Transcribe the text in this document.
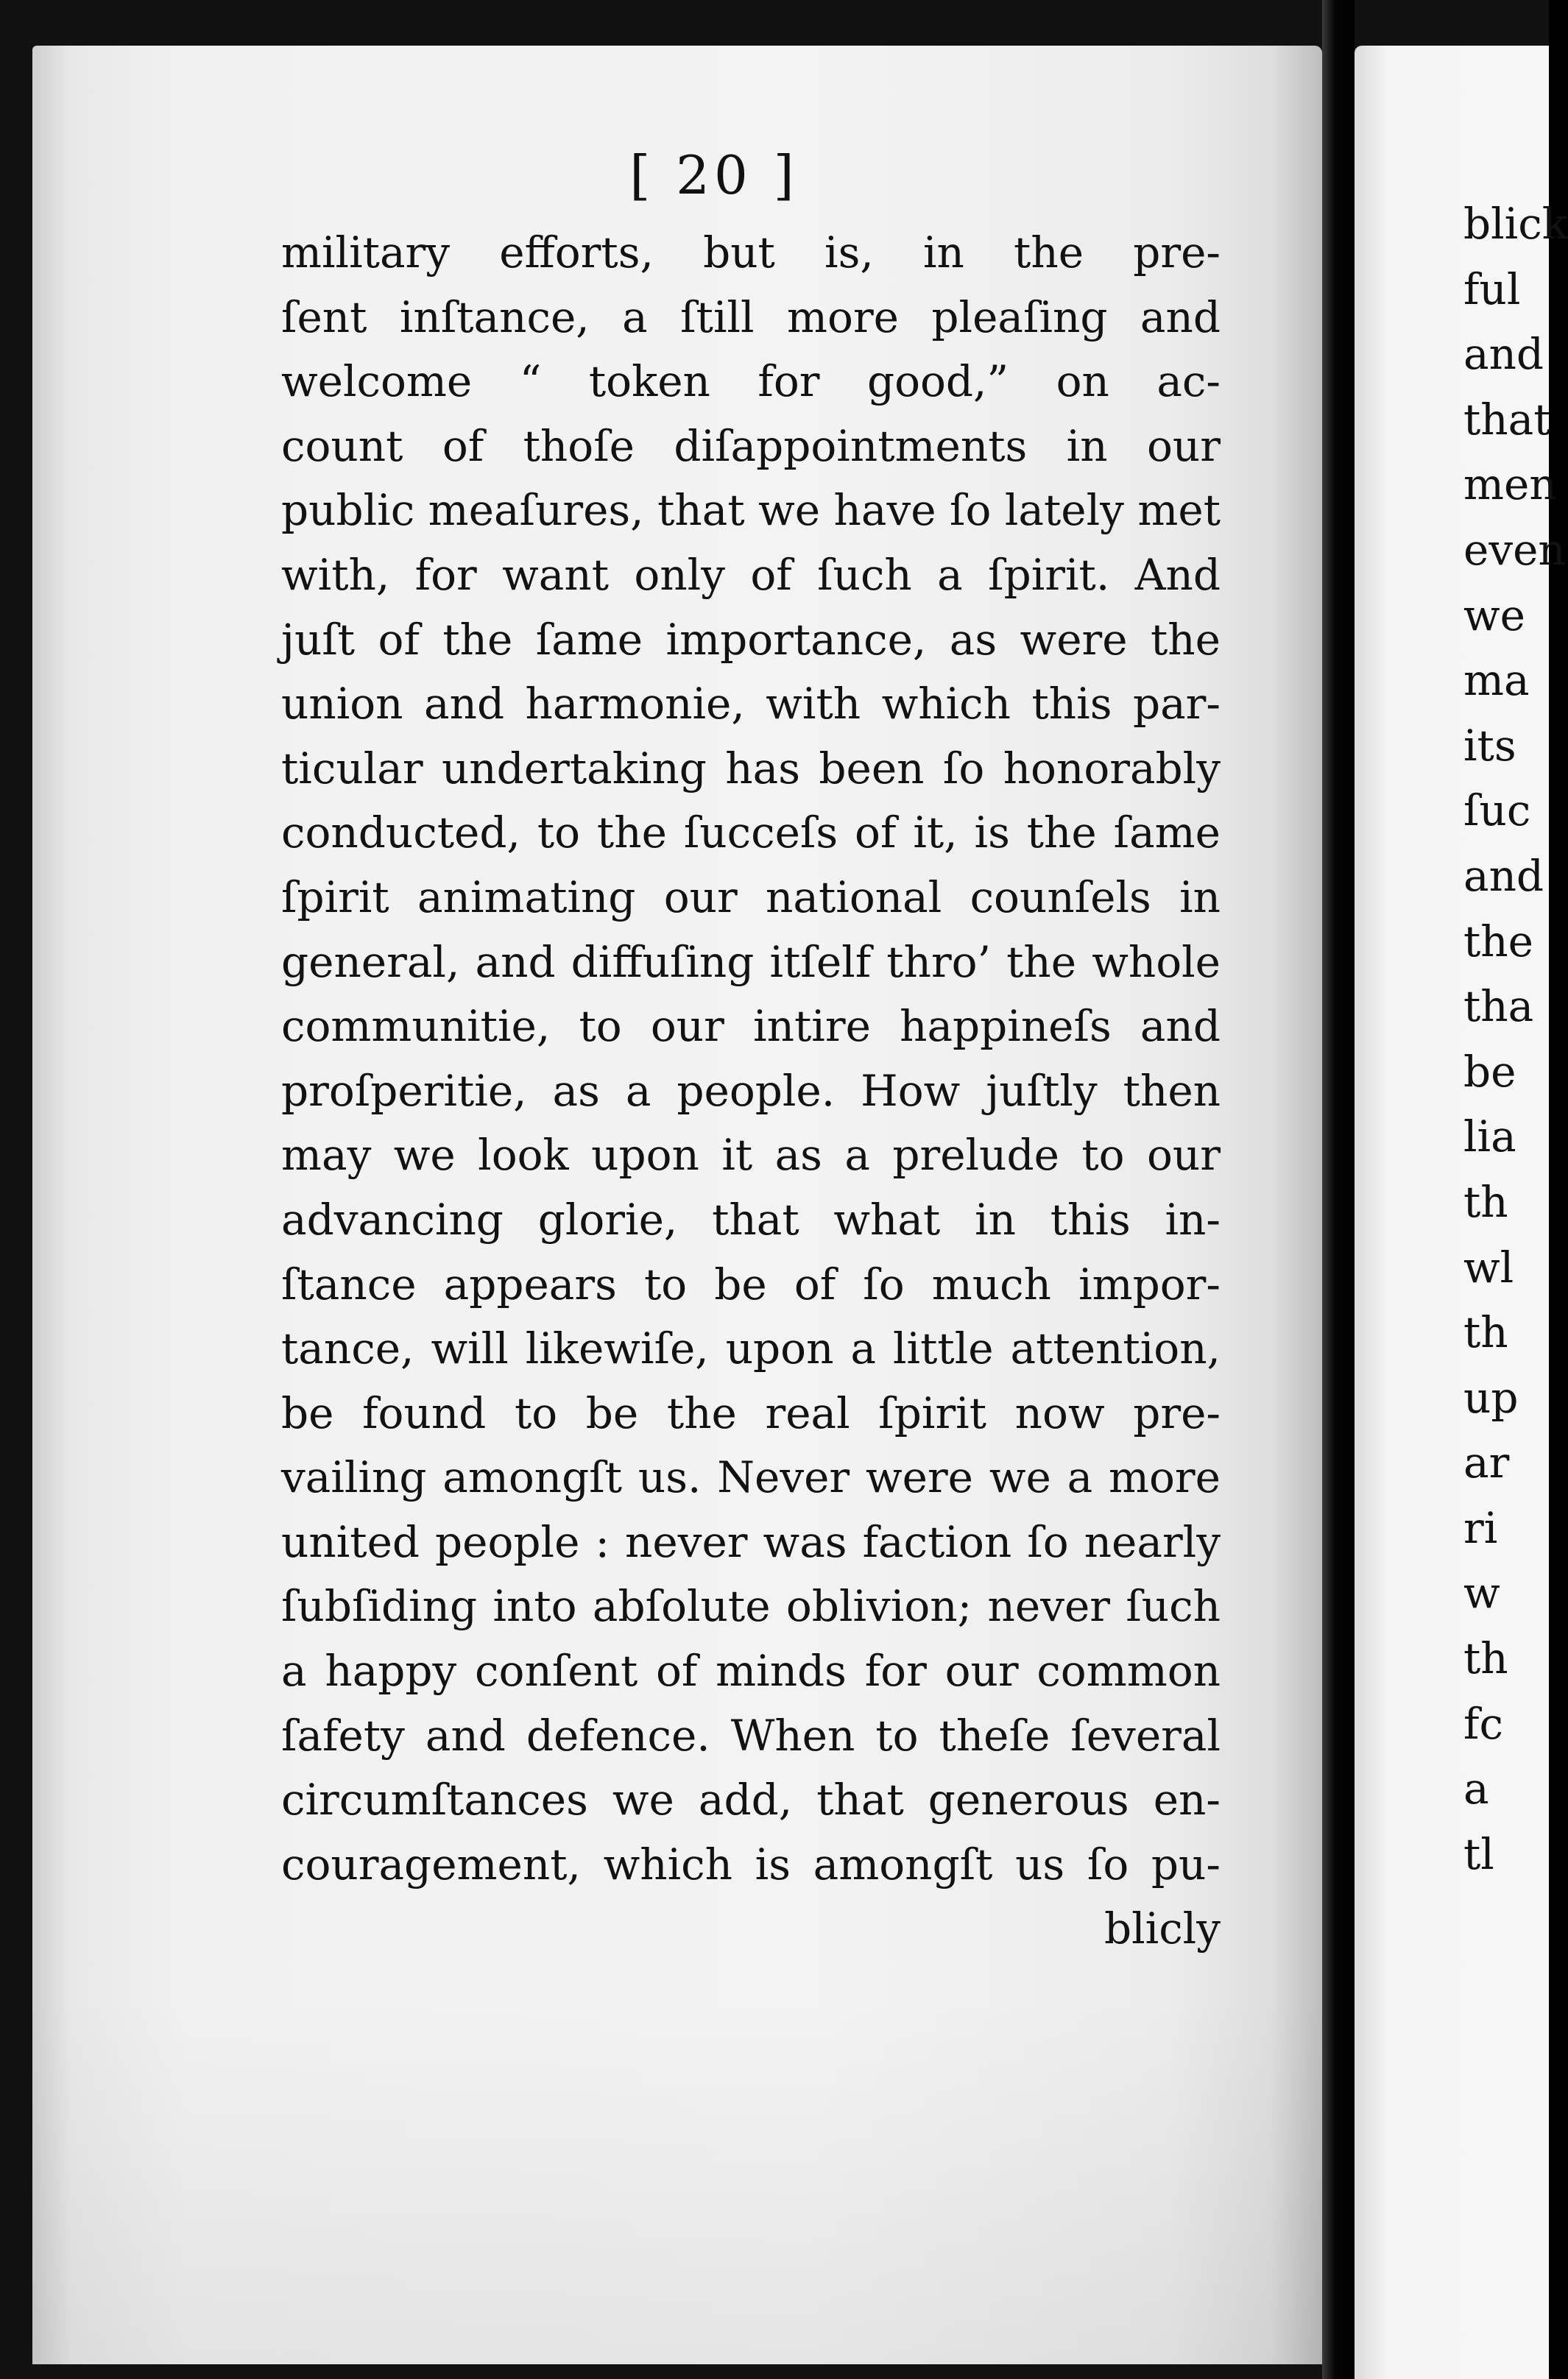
[ 20 ]
military efforts, but is, in the pre-
ſent inſtance, a ſtill more pleaſing and
welcome “ token for good,” on ac-
count of thoſe diſappointments in our
public meaſures, that we have ſo lately met
with, for want only of ſuch a ſpirit. And
juſt of the ſame importance, as were the
union and harmonie, with which this par-
ticular undertaking has been ſo honorably
conducted, to the ſucceſs of it, is the ſame
ſpirit animating our national counſels in
general, and diffuſing itſelf thro’ the whole
communitie, to our intire happineſs and
proſperitie, as a people. How juſtly then
may we look upon it as a prelude to our
advancing glorie, that what in this in-
ſtance appears to be of ſo much impor-
tance, will likewiſe, upon a little attention,
be found to be the real ſpirit now pre-
vailing amongſt us. Never were we a more
united people : never was faction ſo nearly
ſubſiding into abſolute oblivion; never ſuch
a happy conſent of minds for our common
ſafety and defence. When to theſe ſeveral
circumſtances we add, that generous en-
couragement, which is amongſt us ſo pu-
blicly
blick
ful
and
that
men
even
we
ma
its
ſuc
and
the
tha
be
lia
th
wl
th
up
ar
ri
w
th
fc
a
tl
